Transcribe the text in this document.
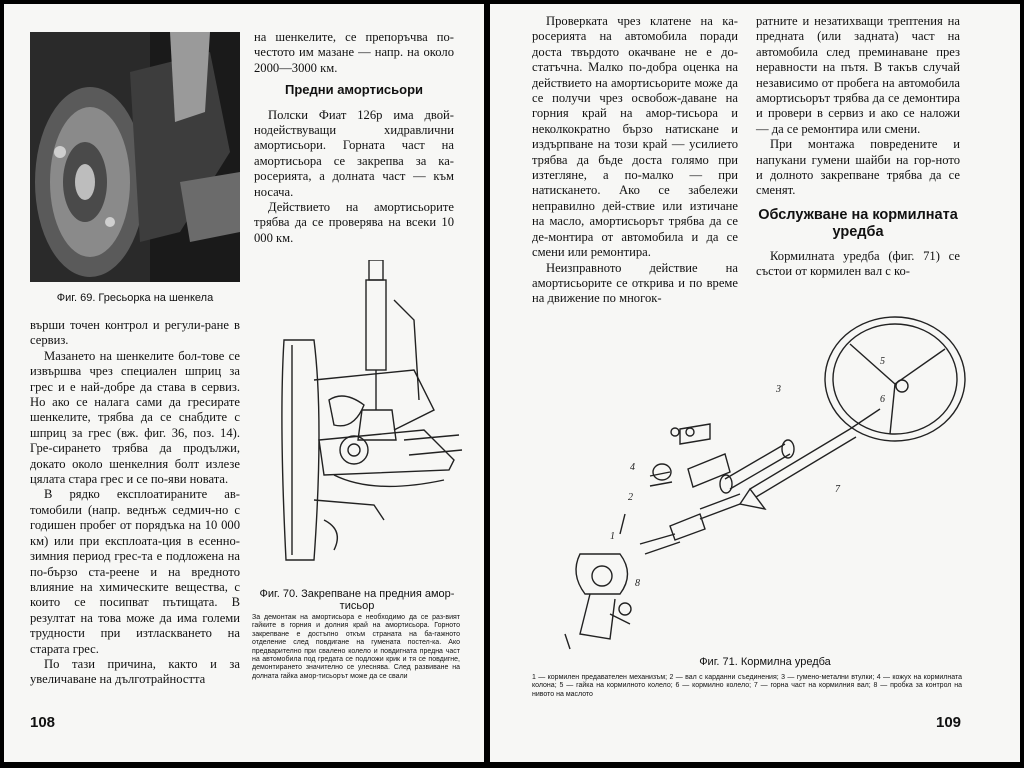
Фиг. 69. Гресьорка на шенкела

върши точен контрол и регули-ране в сервиз.

Мазането на шенкелите бол-тове се извършва чрез специален шприц за грес и е най-добре да става в сервиз. Но ако се налага сами да гресирате шенкелите, трябва да се снабдите с шприц за грес (вж. фиг. 36, поз. 14). Гре-сирането трябва да продължи, докато около шенкелния болт излезе цялата стара грес и се по-яви новата.

В рядко експлоатираните ав-томобили (напр. веднъж седмич-но с годишен пробег от порядъка на 10 000 км) или при експлоата-ция в есенно-зимния период грес-та е подложена на по-бързо ста-реене и на вредното влияние на химическите вещества, с които се посипват пътищата. В резултат на това може да има големи трудности при изтласкването на старата грес.

По тази причина, както и за увеличаване на дълготрайността

на шенкелите, се препоръчва по-честото им мазане — напр. на около 2000—3000 км.

Предни амортисьори

Полски Фиат 126р има двой-нодействуващи хидравлични амортисьори. Горната част на амортисьора се закрепва за ка-росерията, а долната част — към носача.

Действието на амортисьорите трябва да се проверява на всеки 10 000 км.

Фиг. 70. Закрепване на предния амор-тисьор
За демонтаж на амортисьора е необходимо да се раз-вият гайките в горния и долния край на амортисьора. Горното закрепване е достъпно откъм страната на ба-гажното отделение след повдигане на гумената постел-ка. Ако предварително при свалено колело и повдигната предна част на автомобила под гредата се подложи крик и тя се повдигне, демонтирането значително се улеснява. След развиване на долната гайка амор-тисьорът може да се свали
108

Проверката чрез клатене на ка-росерията на автомобила поради доста твърдото окачване не е до-статъчна. Малко по-добра оценка на действието на амортисьорите може да се получи чрез освобож-даване на горния край на амор-тисьора и неколкократно бързо натискане и издърпване на този край — усилието трябва да бъде доста голямо при изтегляне, а по-малко — при натискането. Ако се забележи неправилно дей-ствие или изтичане на масло, амортисьорът трябва да се де-монтира от автомобила и да се смени или ремонтира.

Неизправното действие на амортисьорите се открива и по време на движение по многок-

ратните и незатихващи трептения на предната (или задната) част на автомобила след преминаване през неравности на пътя. В такъв случай независимо от пробега на автомобила амортисьорът трябва да се демонтира и провери в сервиз и ако се наложи — да се ремонтира или смени.

При монтажа повредените и напукани гумени шайби на гор-ното и долното закрепване трябва да се сменят.

Обслужване на кормилната уредба

Кормилната уредба (фиг. 71) се състои от кормилен вал с ко-

1
2
3
4
5
6
7
8
Фиг. 71. Кормилна уредба
1 — кормилен предавателен механизъм; 2 — вал с карданни съединения; 3 — гумено-метални втулки; 4 — кожух на кормилната колона; 5 — гайка на кормилното колело; 6 — кормилно колело; 7 — горна част на кормилния вал; 8 — пробка за контрол на нивото на маслото
109
